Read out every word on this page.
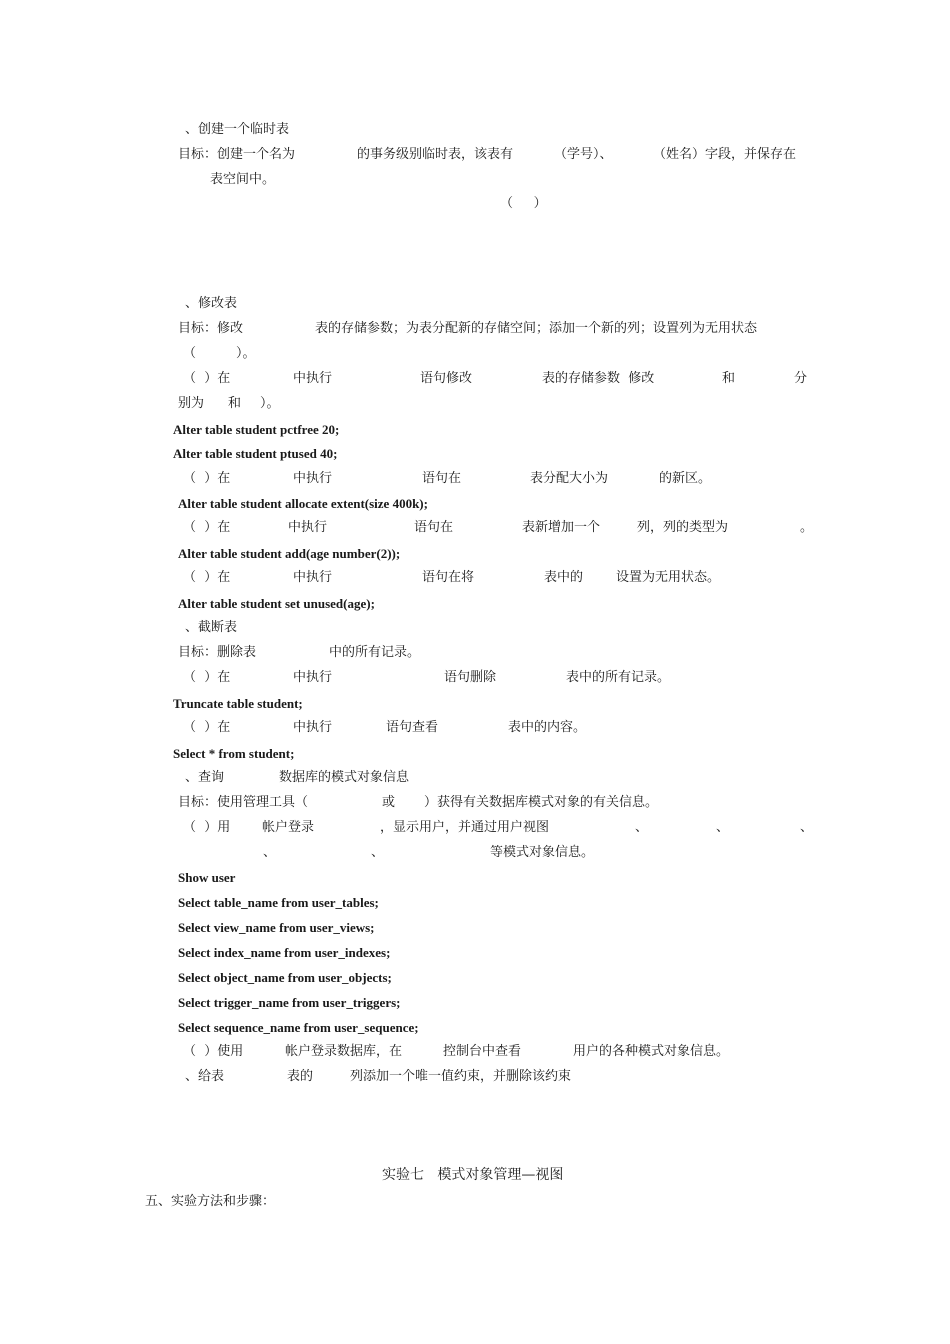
、创建一个临时表
目标：创建一个名为	的事务级别临时表，该表有	（学号）、	（姓名）字段，并保存在
表空间中。
（     ）
、修改表
目标：修改	表的存储参数；为表分配新的存储空间；添加一个新的列；设置列为无用状态
（	）。
（  ）在	中执行	语句修改	表的存储参数  修改	和	分
别为 和 ）。
Alter table student pctfree 20;
Alter table student ptused 40;
（  ）在	中执行	语句在	表分配大小为	的新区。
Alter table student allocate extent(size 400k);
（  ）在	中执行	语句在	表新增加一个	列，列的类型为	。
Alter table student add(age number(2));
（  ）在	中执行	语句在将	表中的	设置为无用状态。
Alter table student set unused(age);
、截断表
目标：删除表	中的所有记录。
（  ）在	中执行	语句删除	表中的所有记录。
Truncate table student;
（  ）在	中执行	语句查看	表中的内容。
Select * from student;
、查询	数据库的模式对象信息
目标：使用管理工具（	或 ）获得有关数据库模式对象的有关信息。
（  ）用 帐户登录	，显示用户，并通过用户视图	、	、	、
、	、	等模式对象信息。
Show user
Select table_name from user_tables;
Select view_name from user_views;
Select index_name from user_indexes;
Select object_name from user_objects;
Select trigger_name from user_triggers;
Select sequence_name from user_sequence;
（  ）使用	帐户登录数据库，在	控制台中查看	用户的各种模式对象信息。
、给表	表的	列添加一个唯一值约束，并删除该约束
实验七   模式对象管理—视图
五、实验方法和步骤：
